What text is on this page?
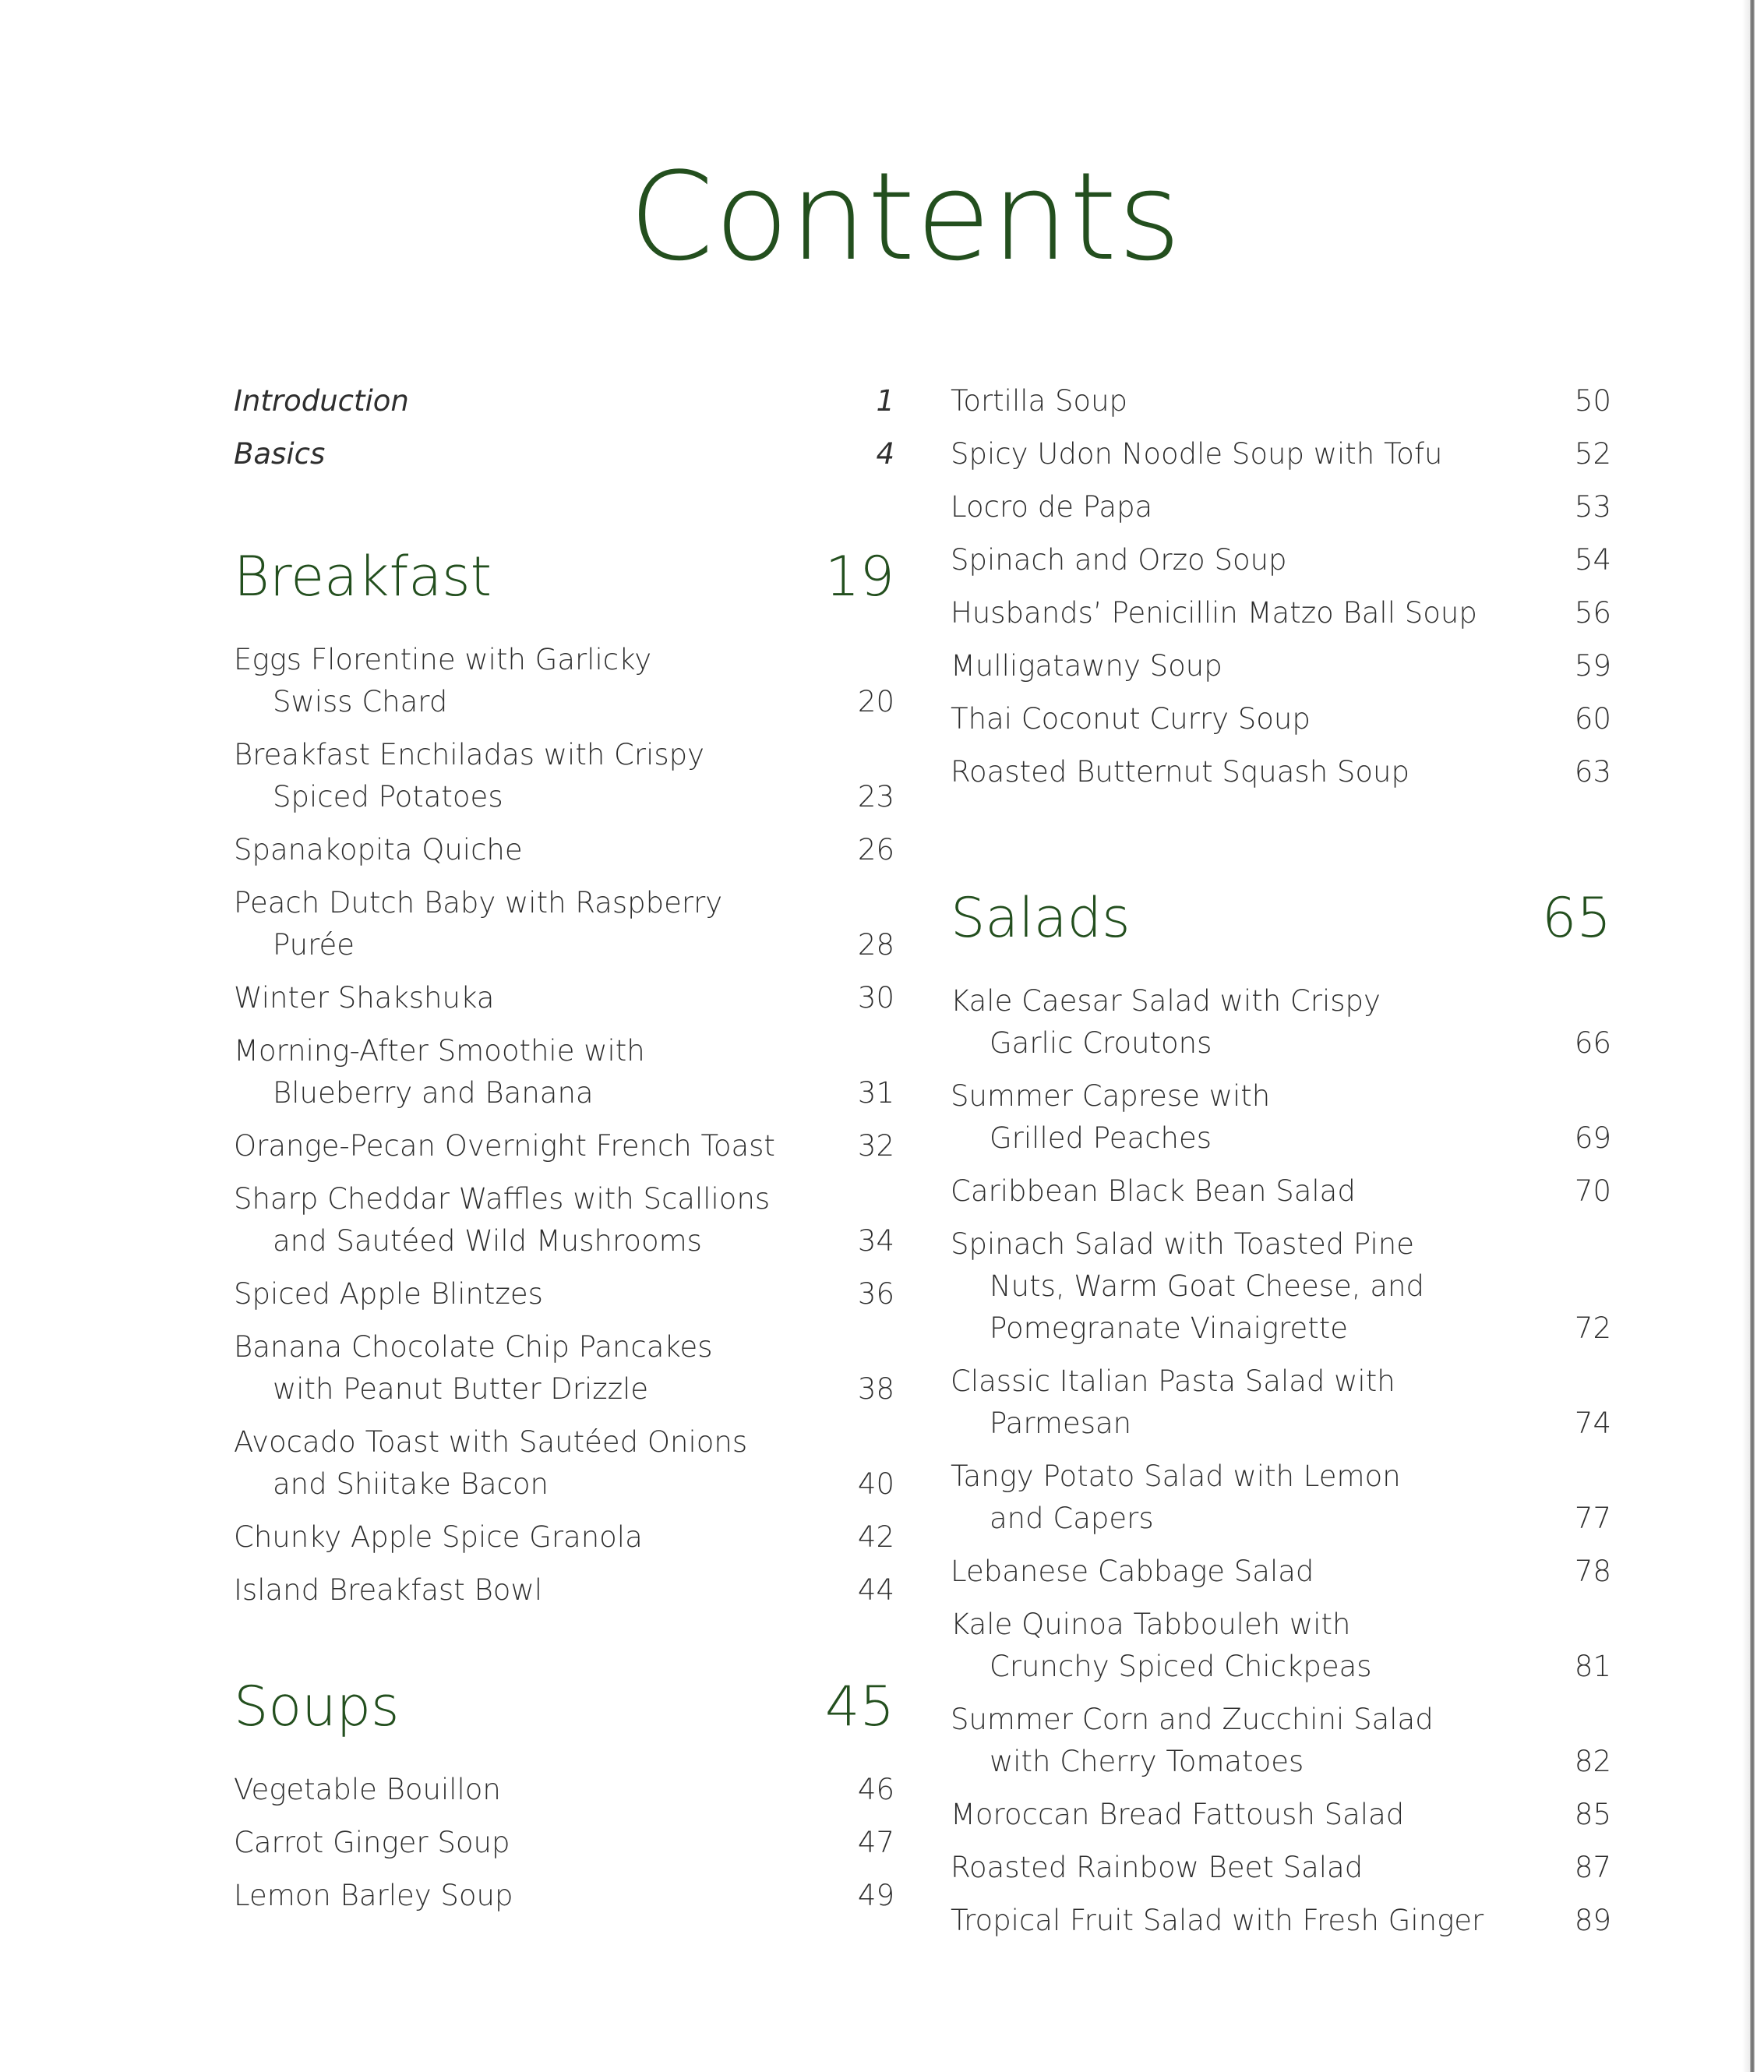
Contents
Introduction	1
Basics	4
Breakfast	19
Eggs Florentine with Garlicky
Swiss Chard	20
Breakfast Enchiladas with Crispy
Spiced Potatoes	23
Spanakopita Quiche	26
Peach Dutch Baby with Raspberry
Purée	28
Winter Shakshuka	30
Morning-After Smoothie with
Blueberry and Banana	31
Orange-Pecan Overnight French Toast	32
Sharp Cheddar Waffles with Scallions
and Sautéed Wild Mushrooms	34
Spiced Apple Blintzes	36
Banana Chocolate Chip Pancakes
with Peanut Butter Drizzle	38
Avocado Toast with Sautéed Onions
and Shiitake Bacon	40
Chunky Apple Spice Granola	42
Island Breakfast Bowl	44
Soups	45
Vegetable Bouillon	46
Carrot Ginger Soup	47
Lemon Barley Soup	49
Tortilla Soup	50
Spicy Udon Noodle Soup with Tofu	52
Locro de Papa	53
Spinach and Orzo Soup	54
Husbands’ Penicillin Matzo Ball Soup	56
Mulligatawny Soup	59
Thai Coconut Curry Soup	60
Roasted Butternut Squash Soup	63
Salads	65
Kale Caesar Salad with Crispy
Garlic Croutons	66
Summer Caprese with
Grilled Peaches	69
Caribbean Black Bean Salad	70
Spinach Salad with Toasted Pine
Nuts, Warm Goat Cheese, and
Pomegranate Vinaigrette	72
Classic Italian Pasta Salad with
Parmesan	74
Tangy Potato Salad with Lemon
and Capers	77
Lebanese Cabbage Salad	78
Kale Quinoa Tabbouleh with
Crunchy Spiced Chickpeas	81
Summer Corn and Zucchini Salad
with Cherry Tomatoes	82
Moroccan Bread Fattoush Salad	85
Roasted Rainbow Beet Salad	87
Tropical Fruit Salad with Fresh Ginger	89
